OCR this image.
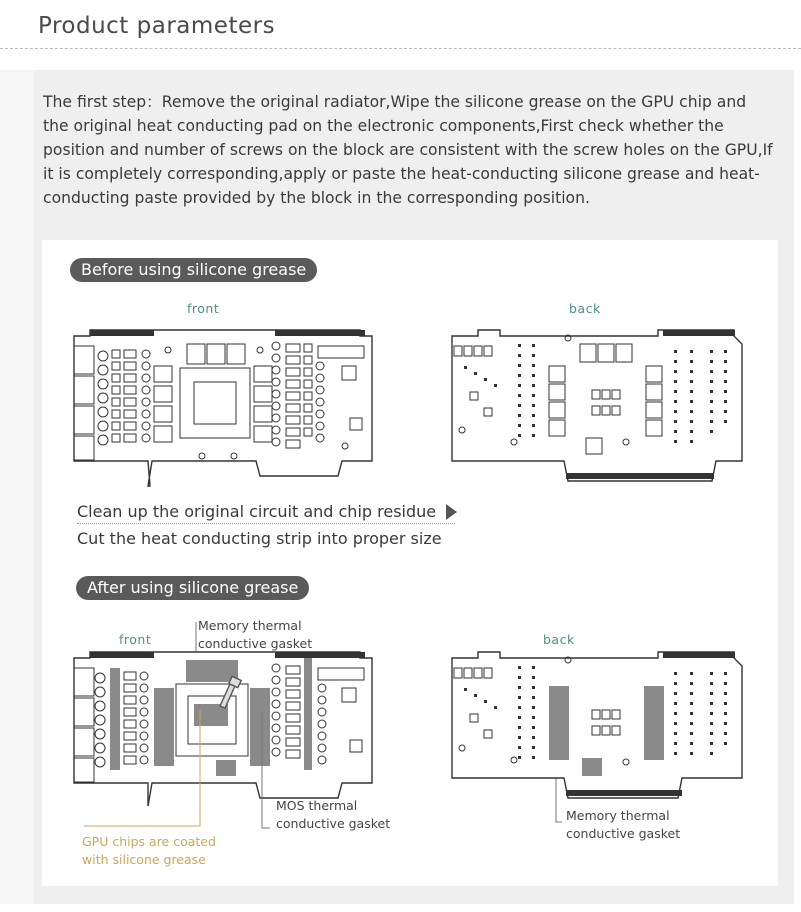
Product parameters
The first step：Remove the original radiator,Wipe the silicone grease on the GPU chip and the original heat conducting pad on the electronic components,First check whether the position and number of screws on the block are consistent with the screw holes on the GPU,If it is completely corresponding,apply or paste the heat-conducting silicone grease and heat-conducting paste provided by the block in the corresponding position.
Before using silicone grease
front	back
Clean up the original circuit and chip residue
Cut the heat conducting strip into proper size
After using silicone grease
front	back
Memory thermal
conductive gasket
MOS thermal
conductive gasket
GPU chips are coated
with silicone grease
Memory thermal
conductive gasket
